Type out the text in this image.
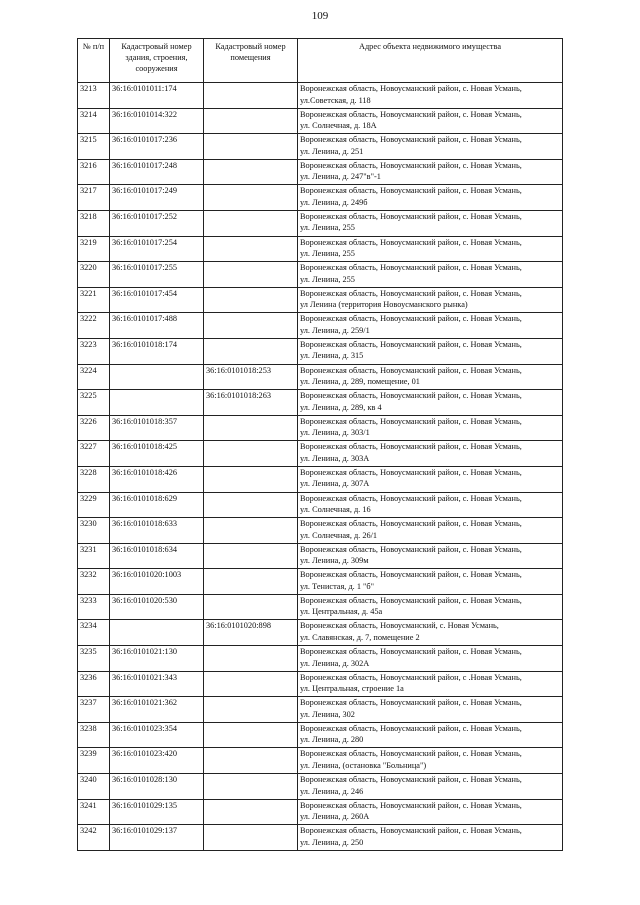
109
№ п/п	Кадастровый номер здания, строения, сооружения	Кадастровый номер помещения	Адрес объекта недвижимого имущества
3213	36:16:0101011:174		Воронежская область, Новоусманский район, с. Новая Усмань,
ул.Советская, д. 118

3214	36:16:0101014:322		Воронежская область, Новоусманский район, с. Новая Усмань,
ул. Солнечная, д. 18А

3215	36:16:0101017:236		Воронежская область, Новоусманский район, с. Новая Усмань,
ул. Ленина, д. 251

3216	36:16:0101017:248		Воронежская область, Новоусманский район, с. Новая Усмань,
ул. Ленина, д. 247"в"-1

3217	36:16:0101017:249		Воронежская область, Новоусманский район, с. Новая Усмань,
ул. Ленина, д. 249б

3218	36:16:0101017:252		Воронежская область, Новоусманский район, с. Новая Усмань,
ул. Ленина, 255

3219	36:16:0101017:254		Воронежская область, Новоусманский район, с. Новая Усмань,
ул. Ленина, 255

3220	36:16:0101017:255		Воронежская область, Новоусманский район, с. Новая Усмань,
ул. Ленина, 255

3221	36:16:0101017:454		Воронежская область, Новоусманский район, с. Новая Усмань,
ул Ленина (территория Новоусманского рынка)

3222	36:16:0101017:488		Воронежская область, Новоусманский район, с. Новая Усмань,
ул. Ленина, д. 259/1

3223	36:16:0101018:174		Воронежская область, Новоусманский район, с. Новая Усмань,
ул. Ленина, д. 315

3224		36:16:0101018:253	Воронежская область, Новоусманский район, с. Новая Усмань,
ул. Ленина, д. 289, помещение, 01

3225		36:16:0101018:263	Воронежская область, Новоусманский район, с. Новая Усмань,
ул. Ленина, д. 289, кв 4

3226	36:16:0101018:357		Воронежская область, Новоусманский район, с. Новая Усмань,
ул. Ленина, д. 303/1

3227	36:16:0101018:425		Воронежская область, Новоусманский район, с. Новая Усмань,
ул. Ленина, д. 303А

3228	36:16:0101018:426		Воронежская область, Новоусманский район, с. Новая Усмань,
ул. Ленина, д. 307А

3229	36:16:0101018:629		Воронежская область, Новоусманский район, с. Новая Усмань,
ул. Солнечная, д. 16

3230	36:16:0101018:633		Воронежская область, Новоусманский район, с. Новая Усмань,
ул. Солнечная, д. 26/1

3231	36:16:0101018:634		Воронежская область, Новоусманский район, с. Новая Усмань,
ул. Ленина, д. 309м

3232	36:16:0101020:1003		Воронежская область, Новоусманский район, с. Новая Усмань,
ул. Тенистая, д. 1 "б"

3233	36:16:0101020:530		Воронежская область, Новоусманский район, с. Новая Усмань,
ул. Центральная, д. 45а

3234		36:16:0101020:898	Воронежская область, Новоусманский, с. Новая Усмань,
ул. Славянская, д. 7, помещение 2

3235	36:16:0101021:130		Воронежская область, Новоусманский район, с. Новая Усмань,
ул. Ленина, д. 302А

3236	36:16:0101021:343		Воронежская область, Новоусманский район, с .Новая Усмань,
ул. Центральная, строение 1а

3237	36:16:0101021:362		Воронежская область, Новоусманский район, с. Новая Усмань,
ул. Ленина, 302

3238	36:16:0101023:354		Воронежская область, Новоусманский район, с. Новая Усмань,
ул. Ленина, д. 280

3239	36:16:0101023:420		Воронежская область, Новоусманский район, с. Новая Усмань,
ул. Ленина, (остановка "Больница")

3240	36:16:0101028:130		Воронежская область, Новоусманский район, с. Новая Усмань,
ул. Ленина, д. 246

3241	36:16:0101029:135		Воронежская область, Новоусманский район, с. Новая Усмань,
ул. Ленина, д. 260А

3242	36:16:0101029:137		Воронежская область, Новоусманский район, с. Новая Усмань,
ул. Ленина, д. 250
